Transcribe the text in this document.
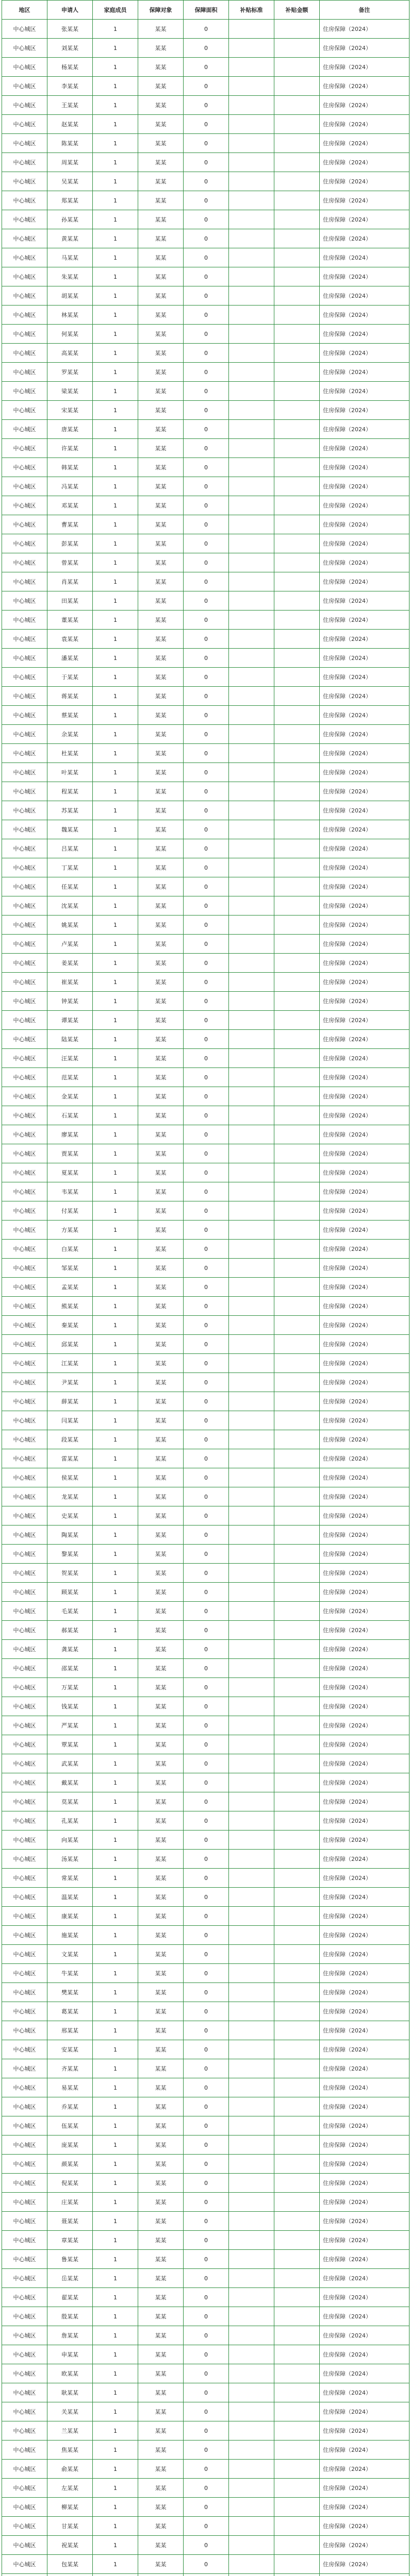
地区	申请人	家庭成员	保障对象	保障面积	补贴标准	补贴金额	备注
中心城区	张某某	1	某某	0			住房保障（2024）
中心城区	刘某某	1	某某	0			住房保障（2024）
中心城区	杨某某	1	某某	0			住房保障（2024）
中心城区	李某某	1	某某	0			住房保障（2024）
中心城区	王某某	1	某某	0			住房保障（2024）
中心城区	赵某某	1	某某	0			住房保障（2024）
中心城区	陈某某	1	某某	0			住房保障（2024）
中心城区	周某某	1	某某	0			住房保障（2024）
中心城区	吴某某	1	某某	0			住房保障（2024）
中心城区	郑某某	1	某某	0			住房保障（2024）
中心城区	孙某某	1	某某	0			住房保障（2024）
中心城区	黄某某	1	某某	0			住房保障（2024）
中心城区	马某某	1	某某	0			住房保障（2024）
中心城区	朱某某	1	某某	0			住房保障（2024）
中心城区	胡某某	1	某某	0			住房保障（2024）
中心城区	林某某	1	某某	0			住房保障（2024）
中心城区	何某某	1	某某	0			住房保障（2024）
中心城区	高某某	1	某某	0			住房保障（2024）
中心城区	罗某某	1	某某	0			住房保障（2024）
中心城区	梁某某	1	某某	0			住房保障（2024）
中心城区	宋某某	1	某某	0			住房保障（2024）
中心城区	唐某某	1	某某	0			住房保障（2024）
中心城区	许某某	1	某某	0			住房保障（2024）
中心城区	韩某某	1	某某	0			住房保障（2024）
中心城区	冯某某	1	某某	0			住房保障（2024）
中心城区	邓某某	1	某某	0			住房保障（2024）
中心城区	曹某某	1	某某	0			住房保障（2024）
中心城区	彭某某	1	某某	0			住房保障（2024）
中心城区	曾某某	1	某某	0			住房保障（2024）
中心城区	肖某某	1	某某	0			住房保障（2024）
中心城区	田某某	1	某某	0			住房保障（2024）
中心城区	董某某	1	某某	0			住房保障（2024）
中心城区	袁某某	1	某某	0			住房保障（2024）
中心城区	潘某某	1	某某	0			住房保障（2024）
中心城区	于某某	1	某某	0			住房保障（2024）
中心城区	蒋某某	1	某某	0			住房保障（2024）
中心城区	蔡某某	1	某某	0			住房保障（2024）
中心城区	余某某	1	某某	0			住房保障（2024）
中心城区	杜某某	1	某某	0			住房保障（2024）
中心城区	叶某某	1	某某	0			住房保障（2024）
中心城区	程某某	1	某某	0			住房保障（2024）
中心城区	苏某某	1	某某	0			住房保障（2024）
中心城区	魏某某	1	某某	0			住房保障（2024）
中心城区	吕某某	1	某某	0			住房保障（2024）
中心城区	丁某某	1	某某	0			住房保障（2024）
中心城区	任某某	1	某某	0			住房保障（2024）
中心城区	沈某某	1	某某	0			住房保障（2024）
中心城区	姚某某	1	某某	0			住房保障（2024）
中心城区	卢某某	1	某某	0			住房保障（2024）
中心城区	姜某某	1	某某	0			住房保障（2024）
中心城区	崔某某	1	某某	0			住房保障（2024）
中心城区	钟某某	1	某某	0			住房保障（2024）
中心城区	谭某某	1	某某	0			住房保障（2024）
中心城区	陆某某	1	某某	0			住房保障（2024）
中心城区	汪某某	1	某某	0			住房保障（2024）
中心城区	范某某	1	某某	0			住房保障（2024）
中心城区	金某某	1	某某	0			住房保障（2024）
中心城区	石某某	1	某某	0			住房保障（2024）
中心城区	廖某某	1	某某	0			住房保障（2024）
中心城区	贾某某	1	某某	0			住房保障（2024）
中心城区	夏某某	1	某某	0			住房保障（2024）
中心城区	韦某某	1	某某	0			住房保障（2024）
中心城区	付某某	1	某某	0			住房保障（2024）
中心城区	方某某	1	某某	0			住房保障（2024）
中心城区	白某某	1	某某	0			住房保障（2024）
中心城区	邹某某	1	某某	0			住房保障（2024）
中心城区	孟某某	1	某某	0			住房保障（2024）
中心城区	熊某某	1	某某	0			住房保障（2024）
中心城区	秦某某	1	某某	0			住房保障（2024）
中心城区	邱某某	1	某某	0			住房保障（2024）
中心城区	江某某	1	某某	0			住房保障（2024）
中心城区	尹某某	1	某某	0			住房保障（2024）
中心城区	薛某某	1	某某	0			住房保障（2024）
中心城区	闫某某	1	某某	0			住房保障（2024）
中心城区	段某某	1	某某	0			住房保障（2024）
中心城区	雷某某	1	某某	0			住房保障（2024）
中心城区	侯某某	1	某某	0			住房保障（2024）
中心城区	龙某某	1	某某	0			住房保障（2024）
中心城区	史某某	1	某某	0			住房保障（2024）
中心城区	陶某某	1	某某	0			住房保障（2024）
中心城区	黎某某	1	某某	0			住房保障（2024）
中心城区	贺某某	1	某某	0			住房保障（2024）
中心城区	顾某某	1	某某	0			住房保障（2024）
中心城区	毛某某	1	某某	0			住房保障（2024）
中心城区	郝某某	1	某某	0			住房保障（2024）
中心城区	龚某某	1	某某	0			住房保障（2024）
中心城区	邵某某	1	某某	0			住房保障（2024）
中心城区	万某某	1	某某	0			住房保障（2024）
中心城区	钱某某	1	某某	0			住房保障（2024）
中心城区	严某某	1	某某	0			住房保障（2024）
中心城区	覃某某	1	某某	0			住房保障（2024）
中心城区	武某某	1	某某	0			住房保障（2024）
中心城区	戴某某	1	某某	0			住房保障（2024）
中心城区	莫某某	1	某某	0			住房保障（2024）
中心城区	孔某某	1	某某	0			住房保障（2024）
中心城区	向某某	1	某某	0			住房保障（2024）
中心城区	汤某某	1	某某	0			住房保障（2024）
中心城区	常某某	1	某某	0			住房保障（2024）
中心城区	温某某	1	某某	0			住房保障（2024）
中心城区	康某某	1	某某	0			住房保障（2024）
中心城区	施某某	1	某某	0			住房保障（2024）
中心城区	文某某	1	某某	0			住房保障（2024）
中心城区	牛某某	1	某某	0			住房保障（2024）
中心城区	樊某某	1	某某	0			住房保障（2024）
中心城区	葛某某	1	某某	0			住房保障（2024）
中心城区	邢某某	1	某某	0			住房保障（2024）
中心城区	安某某	1	某某	0			住房保障（2024）
中心城区	齐某某	1	某某	0			住房保障（2024）
中心城区	易某某	1	某某	0			住房保障（2024）
中心城区	乔某某	1	某某	0			住房保障（2024）
中心城区	伍某某	1	某某	0			住房保障（2024）
中心城区	庞某某	1	某某	0			住房保障（2024）
中心城区	颜某某	1	某某	0			住房保障（2024）
中心城区	倪某某	1	某某	0			住房保障（2024）
中心城区	庄某某	1	某某	0			住房保障（2024）
中心城区	聂某某	1	某某	0			住房保障（2024）
中心城区	章某某	1	某某	0			住房保障（2024）
中心城区	鲁某某	1	某某	0			住房保障（2024）
中心城区	岳某某	1	某某	0			住房保障（2024）
中心城区	翟某某	1	某某	0			住房保障（2024）
中心城区	殷某某	1	某某	0			住房保障（2024）
中心城区	詹某某	1	某某	0			住房保障（2024）
中心城区	申某某	1	某某	0			住房保障（2024）
中心城区	欧某某	1	某某	0			住房保障（2024）
中心城区	耿某某	1	某某	0			住房保障（2024）
中心城区	关某某	1	某某	0			住房保障（2024）
中心城区	兰某某	1	某某	0			住房保障（2024）
中心城区	焦某某	1	某某	0			住房保障（2024）
中心城区	俞某某	1	某某	0			住房保障（2024）
中心城区	左某某	1	某某	0			住房保障（2024）
中心城区	柳某某	1	某某	0			住房保障（2024）
中心城区	甘某某	1	某某	0			住房保障（2024）
中心城区	祝某某	1	某某	0			住房保障（2024）
中心城区	包某某	1	某某	0			住房保障（2024）
